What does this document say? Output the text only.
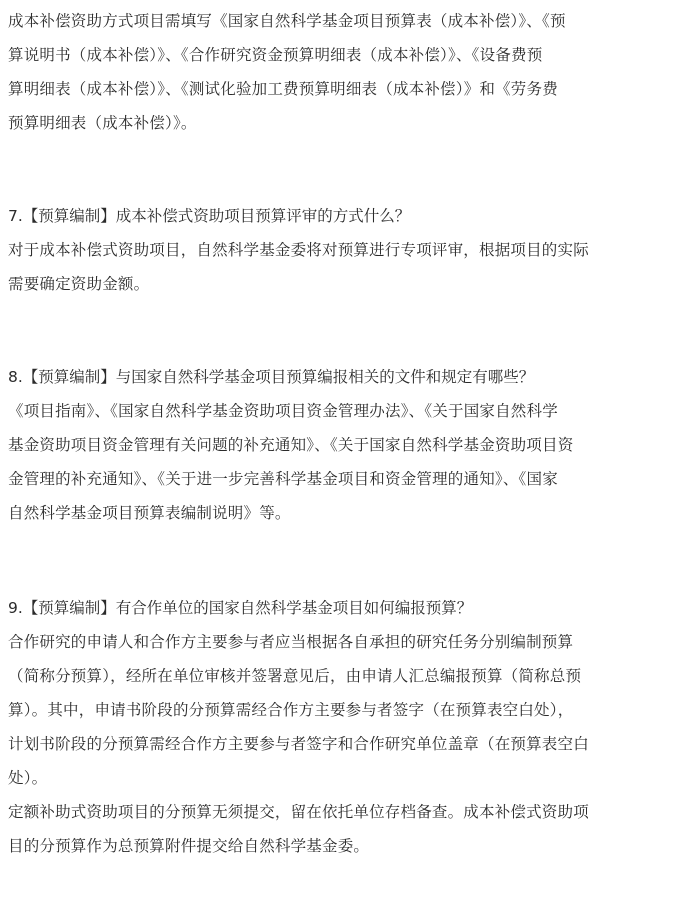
成本补偿资助方式项目需填写《国家自然科学基金项目预算表（成本补偿）》、《预
算说明书（成本补偿）》、《合作研究资金预算明细表（成本补偿）》、《设备费预
算明细表（成本补偿）》、《测试化验加工费预算明细表（成本补偿）》和《劳务费
预算明细表（成本补偿）》。
7.【预算编制】成本补偿式资助项目预算评审的方式什么？
对于成本补偿式资助项目，自然科学基金委将对预算进行专项评审，根据项目的实际
需要确定资助金额。
8.【预算编制】与国家自然科学基金项目预算编报相关的文件和规定有哪些？
《项目指南》、《国家自然科学基金资助项目资金管理办法》、《关于国家自然科学
基金资助项目资金管理有关问题的补充通知》、《关于国家自然科学基金资助项目资
金管理的补充通知》、《关于进一步完善科学基金项目和资金管理的通知》、《国家
自然科学基金项目预算表编制说明》等。
9.【预算编制】有合作单位的国家自然科学基金项目如何编报预算？
合作研究的申请人和合作方主要参与者应当根据各自承担的研究任务分别编制预算
（简称分预算），经所在单位审核并签署意见后，由申请人汇总编报预算（简称总预
算）。其中，申请书阶段的分预算需经合作方主要参与者签字（在预算表空白处），
计划书阶段的分预算需经合作方主要参与者签字和合作研究单位盖章（在预算表空白
处）。
定额补助式资助项目的分预算无须提交，留在依托单位存档备查。成本补偿式资助项
目的分预算作为总预算附件提交给自然科学基金委。
